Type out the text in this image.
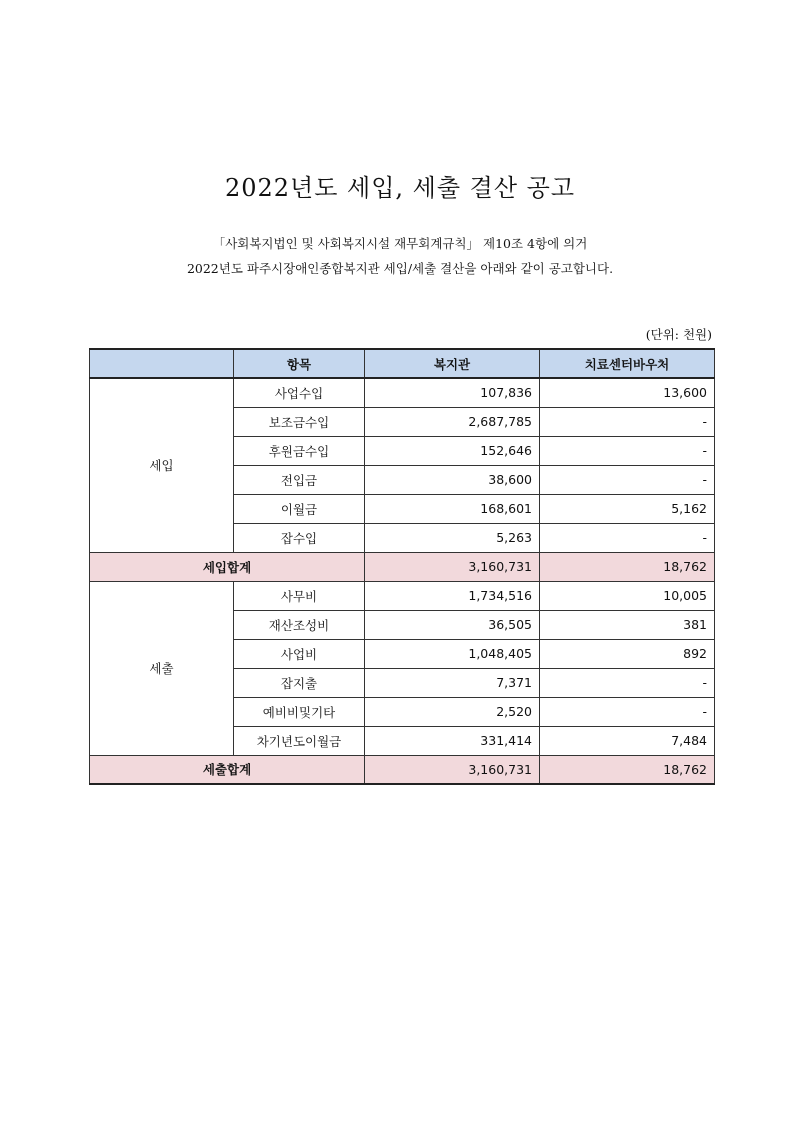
2022년도 세입, 세출 결산 공고
「사회복지법인 및 사회복지시설 재무회계규칙」 제10조 4항에 의거
2022년도 파주시장애인종합복지관 세입/세출 결산을 아래와 같이 공고합니다.
(단위: 천원)
	항목	복지관	치료센터바우처
세입	사업수입	107,836	13,600
	보조금수입	2,687,785	-
	후원금수입	152,646	-
	전입금	38,600	-
	이월금	168,601	5,162
	잡수입	5,263	-
세입합계		3,160,731	18,762
세출	사무비	1,734,516	10,005
	재산조성비	36,505	381
	사업비	1,048,405	892
	잡지출	7,371	-
	예비비및기타	2,520	-
	차기년도이월금	331,414	7,484
세출합계		3,160,731	18,762
